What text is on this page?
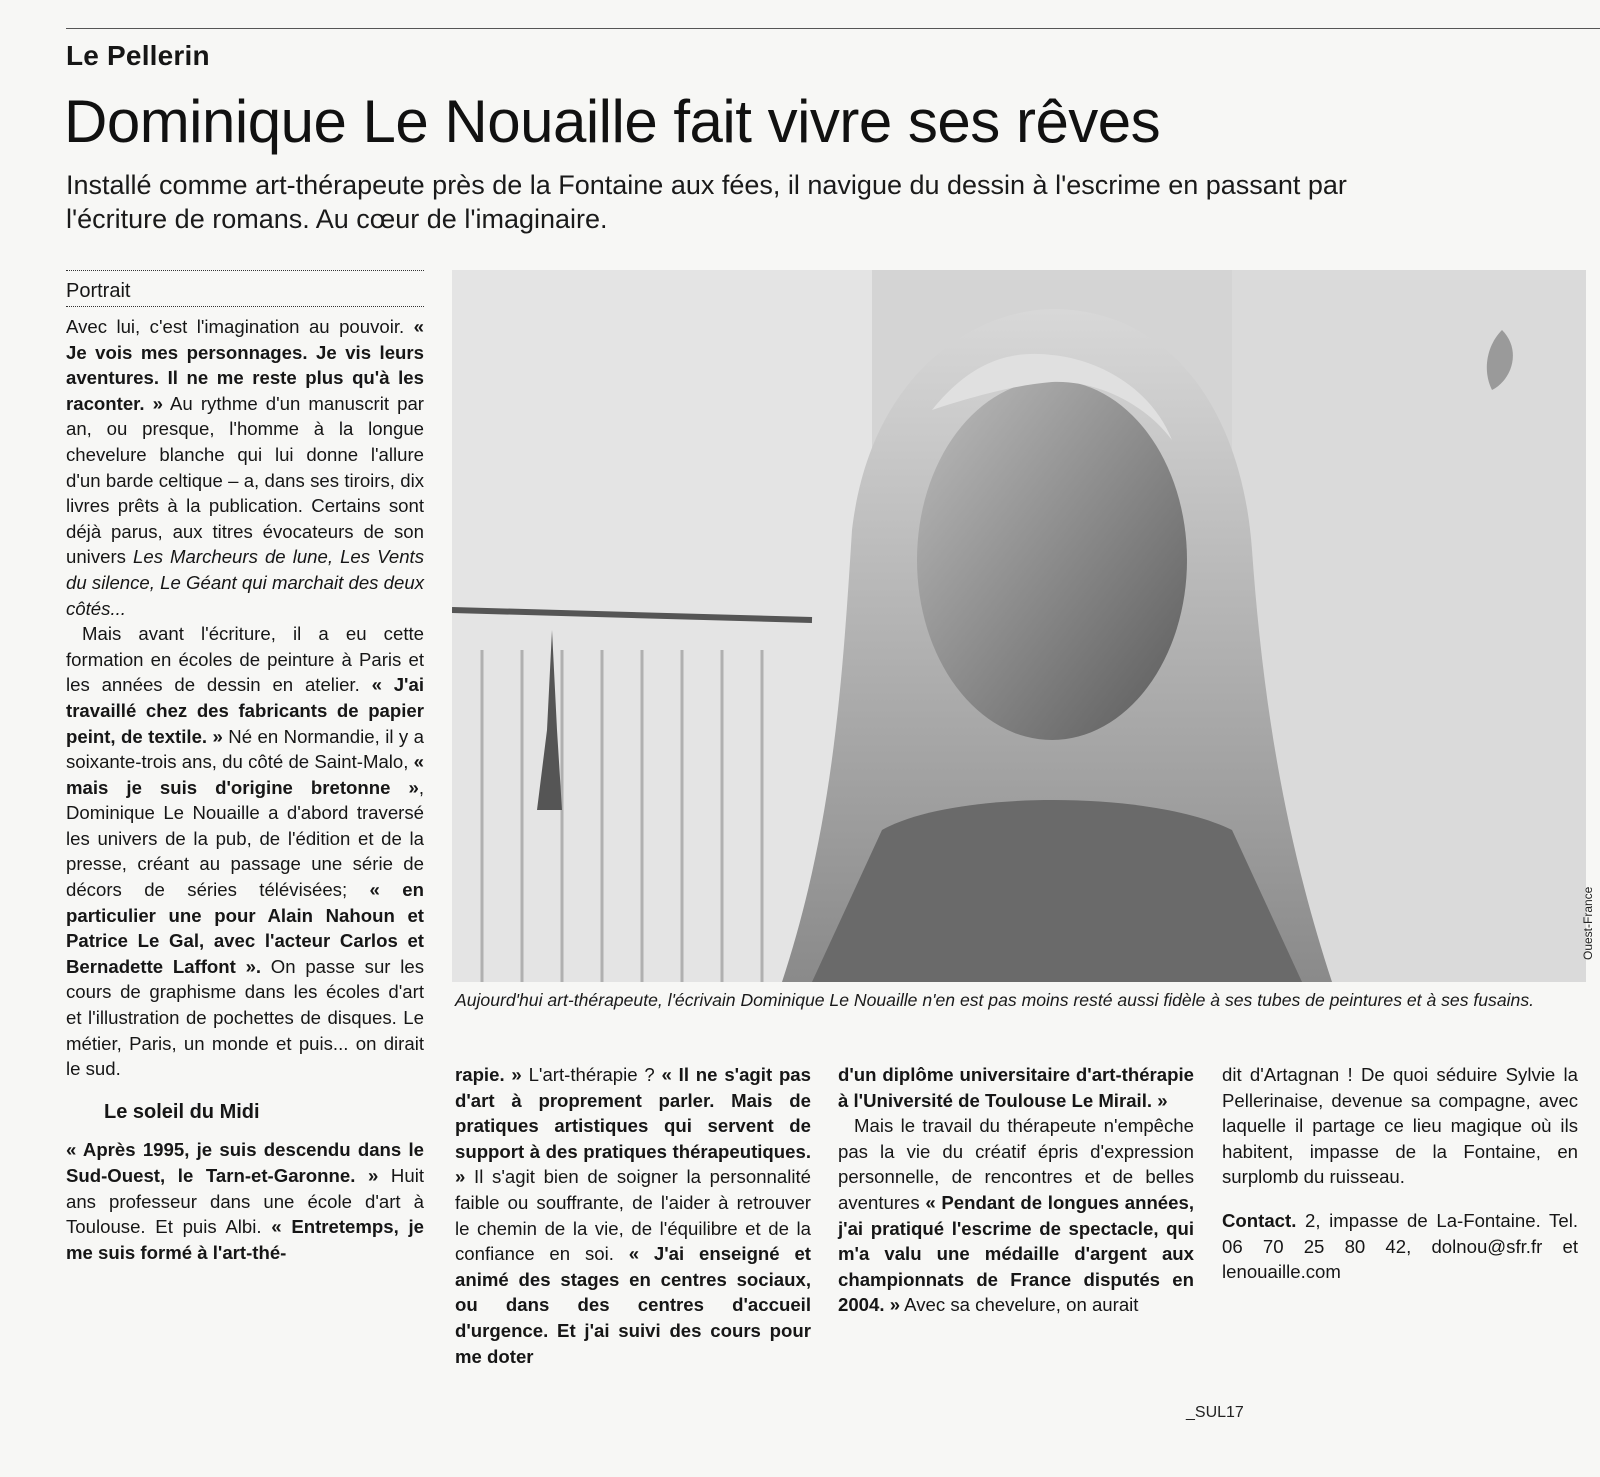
Le Pellerin
Dominique Le Nouaille fait vivre ses rêves

Installé comme art-thérapeute près de la Fontaine aux fées, il navigue du dessin à l'escrime en passant par l'écriture de romans. Au cœur de l'imaginaire.

Portrait

Avec lui, c'est l'imagination au pouvoir. « Je vois mes personnages. Je vis leurs aventures. Il ne me reste plus qu'à les raconter. » Au rythme d'un manuscrit par an, ou presque, l'homme à la longue chevelure blanche qui lui donne l'allure d'un barde celtique – a, dans ses tiroirs, dix livres prêts à la publication. Certains sont déjà parus, aux titres évocateurs de son univers Les Marcheurs de lune, Les Vents du silence, Le Géant qui marchait des deux côtés...

Mais avant l'écriture, il a eu cette formation en écoles de peinture à Paris et les années de dessin en atelier. « J'ai travaillé chez des fabricants de papier peint, de textile. » Né en Normandie, il y a soixante-trois ans, du côté de Saint-Malo, « mais je suis d'origine bretonne », Dominique Le Nouaille a d'abord traversé les univers de la pub, de l'édition et de la presse, créant au passage une série de décors de séries télévisées; « en particulier une pour Alain Nahoun et Patrice Le Gal, avec l'acteur Carlos et Bernadette Laffont ». On passe sur les cours de graphisme dans les écoles d'art et l'illustration de pochettes de disques. Le métier, Paris, un monde et puis... on dirait le sud.

Le soleil du Midi

« Après 1995, je suis descendu dans le Sud-Ouest, le Tarn-et-Garonne. » Huit ans professeur dans une école d'art à Toulouse. Et puis Albi. « Entretemps, je me suis formé à l'art-thé-

Aujourd'hui art-thérapeute, l'écrivain Dominique Le Nouaille n'en est pas moins resté aussi fidèle à ses tubes de peintures et à ses fusains.

Ouest-France

rapie. » L'art-thérapie ? « Il ne s'agit pas d'art à proprement parler. Mais de pratiques artistiques qui servent de support à des pratiques thérapeutiques. » Il s'agit bien de soigner la personnalité faible ou souffrante, de l'aider à retrouver le chemin de la vie, de l'équilibre et de la confiance en soi. « J'ai enseigné et animé des stages en centres sociaux, ou dans des centres d'accueil d'urgence. Et j'ai suivi des cours pour me doter

d'un diplôme universitaire d'art-thérapie à l'Université de Toulouse Le Mirail. »

Mais le travail du thérapeute n'empêche pas la vie du créatif épris d'expression personnelle, de rencontres et de belles aventures « Pendant de longues années, j'ai pratiqué l'escrime de spectacle, qui m'a valu une médaille d'argent aux championnats de France disputés en 2004. » Avec sa chevelure, on aurait

dit d'Artagnan ! De quoi séduire Sylvie la Pellerinaise, devenue sa compagne, avec laquelle il partage ce lieu magique où ils habitent, impasse de la Fontaine, en surplomb du ruisseau.

Contact. 2, impasse de La-Fontaine. Tel. 06 70 25 80 42, dolnou@sfr.fr et lenouaille.com

_SUL17
